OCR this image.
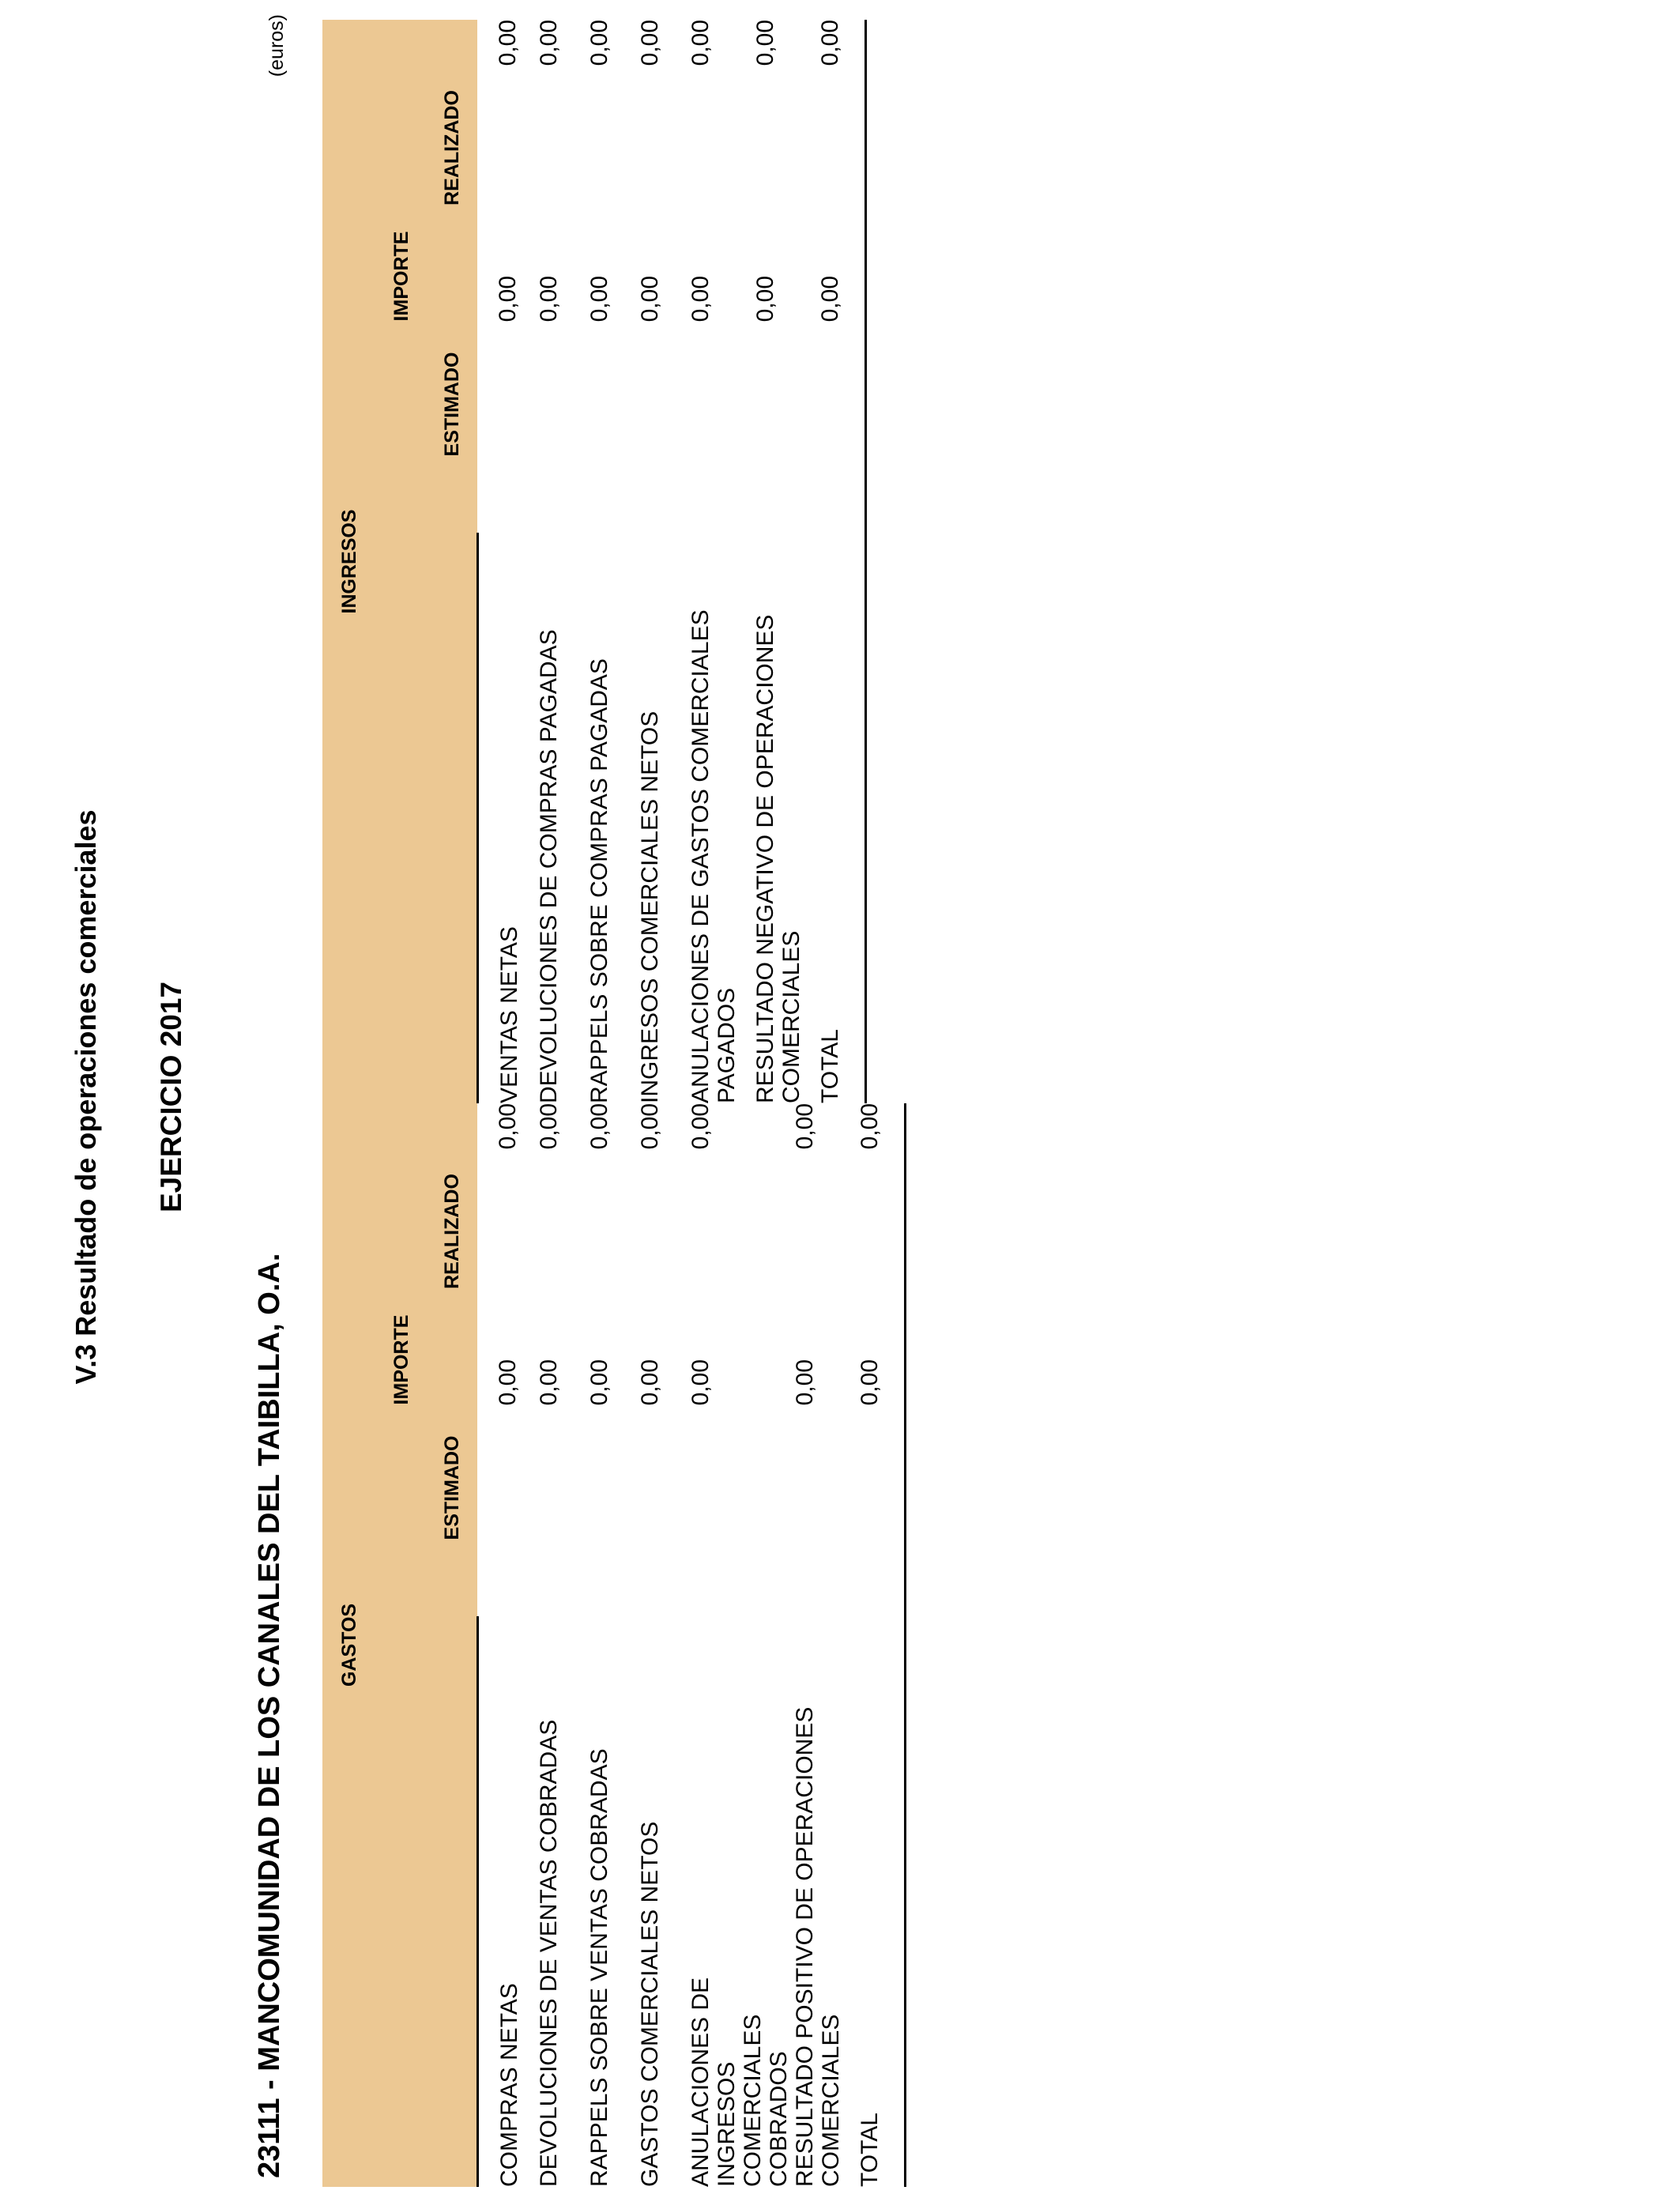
V.3 Resultado de operaciones comerciales EJERCICIO 2017
23111 - MANCOMUNIDAD DE LOS CANALES DEL TAIBILLA, O.A.
(euros)
GASTOS		
	IMPORTE	
	ESTIMADO	REALIZADO
COMPRAS NETAS	0,00	0,00
DEVOLUCIONES DE VENTAS COBRADAS	0,00	0,00
RAPPELS SOBRE VENTAS COBRADAS	0,00	0,00
GASTOS COMERCIALES NETOS	0,00	0,00
ANULACIONES DE INGRESOS COMERCIALES COBRADOS	0,00	0,00
RESULTADO POSITIVO DE OPERACIONES COMERCIALES	0,00	0,00
TOTAL	0,00	0,00
INGRESOS		
	IMPORTE	
	ESTIMADO	REALIZADO
VENTAS NETAS	0,00	0,00
DEVOLUCIONES DE COMPRAS PAGADAS	0,00	0,00
RAPPELS SOBRE COMPRAS PAGADAS	0,00	0,00
INGRESOS COMERCIALES NETOS	0,00	0,00
ANULACIONES DE GASTOS COMERCIALES PAGADOS	0,00	0,00
RESULTADO NEGATIVO DE OPERACIONES COMERCIALES	0,00	0,00
TOTAL	0,00	0,00
